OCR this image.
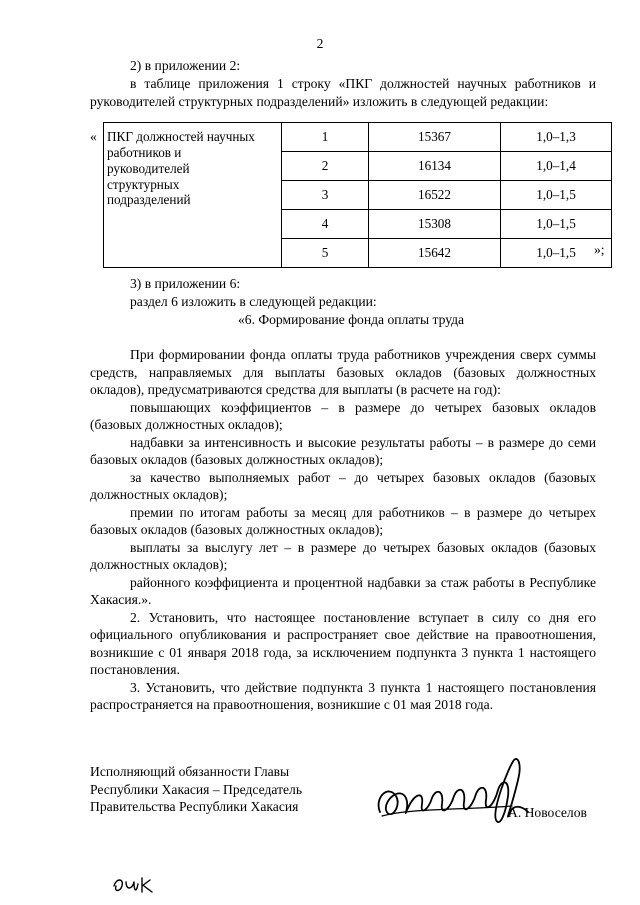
2
2) в приложении 2:
в таблице приложения 1 строку «ПКГ должностей научных работников и
руководителей структурных подразделений» изложить в следующей редакции:
« ПКГ должностей научных
работников и
руководителей
структурных
подразделений	1	15367	1,0–1,3
	2	16134	1,0–1,4
	3	16522	1,0–1,5
	4	15308	1,0–1,5
	5	15642	1,0–1,5 »;
3) в приложении 6:
раздел 6 изложить в следующей редакции:
«6. Формирование фонда оплаты труда
При формировании фонда оплаты труда работников учреждения сверх суммы средств, направляемых для выплаты базовых окладов (базовых должностных окладов), предусматриваются средства для выплаты (в расчете на год):
повышающих коэффициентов – в размере до четырех базовых окладов (базовых должностных окладов);
надбавки за интенсивность и высокие результаты работы – в размере до семи базовых окладов (базовых должностных окладов);
за качество выполняемых работ – до четырех базовых окладов (базовых должностных окладов);
премии по итогам работы за месяц для работников – в размере до четырех базовых окладов (базовых должностных окладов);
выплаты за выслугу лет – в размере до четырех базовых окладов (базовых должностных окладов);
районного коэффициента и процентной надбавки за стаж работы в Республике Хакасия.».
2. Установить, что настоящее постановление вступает в силу со дня его официального опубликования и распространяет свое действие на правоотношения, возникшие с 01 января 2018 года, за исключением подпункта 3 пункта 1 настоящего постановления.
3. Установить, что действие подпункта 3 пункта 1 настоящего постановления распространяется на правоотношения, возникшие с 01 мая 2018 года.
Исполняющий обязанности Главы
Республики Хакасия – Председатель
Правительства Республики Хакасия	А. Новоселов
